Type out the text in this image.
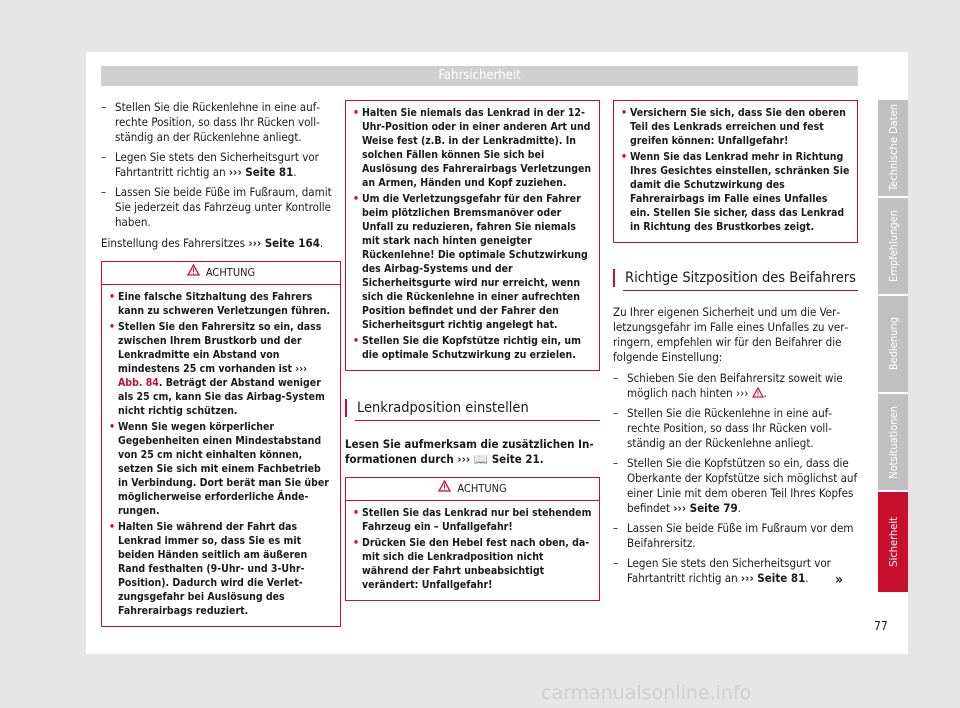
Fahrsicherheit
– Stellen Sie die Rückenlehne in eine aufrechte Position, so dass Ihr Rücken vollständig an der Rückenlehne anliegt.
– Legen Sie stets den Sicherheitsgurt vor Fahrtantritt richtig an ››› Seite 81.
– Lassen Sie beide Füße im Fußraum, damit Sie jederzeit das Fahrzeug unter Kontrolle haben.
Einstellung des Fahrersitzes ››› Seite 164.
ACHTUNG
• Eine falsche Sitzhaltung des Fahrers kann zu schweren Verletzungen führen.
• Stellen Sie den Fahrersitz so ein, dass zwischen Ihrem Brustkorb und der Lenkradmitte ein Abstand von mindestens 25 cm vorhanden ist ››› Abb. 84. Beträgt der Abstand weniger als 25 cm, kann Sie das Airbag-System nicht richtig schützen.
• Wenn Sie wegen körperlicher Gegebenheiten einen Mindestabstand von 25 cm nicht einhalten können, setzen Sie sich mit einem Fachbetrieb in Verbindung. Dort berät man Sie über möglicherweise erforderliche Änderungen.
• Halten Sie während der Fahrt das Lenkrad immer so, dass Sie es mit beiden Händen seitlich am äußeren Rand festhalten (9-Uhr- und 3-Uhr-Position). Dadurch wird die Verletzungsgefahr bei Auslösung des Fahrerairbags reduziert.
• Halten Sie niemals das Lenkrad in der 12-Uhr-Position oder in einer anderen Art und Weise fest (z.B. in der Lenkradmitte). In solchen Fällen können Sie sich bei Auslösung des Fahrerairbags Verletzungen an Armen, Händen und Kopf zuziehen.
• Um die Verletzungsgefahr für den Fahrer beim plötzlichen Bremsmanöver oder Unfall zu reduzieren, fahren Sie niemals mit stark nach hinten geneigter Rückenlehne! Die optimale Schutzwirkung des Airbag-Systems und der Sicherheitsgurte wird nur erreicht, wenn sich die Rückenlehne in einer aufrechten Position befindet und der Fahrer den Sicherheitsgurt richtig angelegt hat.
• Stellen Sie die Kopfstütze richtig ein, um die optimale Schutzwirkung zu erzielen.
Lenkradposition einstellen
Lesen Sie aufmerksam die zusätzlichen Informationen durch ››› 📖 Seite 21.
ACHTUNG
• Stellen Sie das Lenkrad nur bei stehendem Fahrzeug ein – Unfallgefahr!
• Drücken Sie den Hebel fest nach oben, damit sich die Lenkradposition nicht während der Fahrt unbeabsichtigt verändert: Unfallgefahr!
• Versichern Sie sich, dass Sie den oberen Teil des Lenkrads erreichen und fest greifen können: Unfallgefahr!
• Wenn Sie das Lenkrad mehr in Richtung Ihres Gesichtes einstellen, schränken Sie damit die Schutzwirkung des Fahrerairbags im Falle eines Unfalles ein. Stellen Sie sicher, dass das Lenkrad in Richtung des Brustkorbes zeigt.
Richtige Sitzposition des Beifahrers
Zu Ihrer eigenen Sicherheit und um die Verletzungsgefahr im Falle eines Unfalles zu verringern, empfehlen wir für den Beifahrer die folgende Einstellung:
– Schieben Sie den Beifahrersitz soweit wie möglich nach hinten ››› .
– Stellen Sie die Rückenlehne in eine aufrechte Position, so dass Ihr Rücken vollständig an der Rückenlehne anliegt.
– Stellen Sie die Kopfstützen so ein, dass die Oberkante der Kopfstütze sich möglichst auf einer Linie mit dem oberen Teil Ihres Kopfes befindet ››› Seite 79.
– Lassen Sie beide Füße im Fußraum vor dem Beifahrersitz.
– Legen Sie stets den Sicherheitsgurt vor Fahrtantritt richtig an ››› Seite 81.	»
Technische Daten
Empfehlungen
Bedienung
Notsituationen
Sicherheit
77
carmanualsonline.info
